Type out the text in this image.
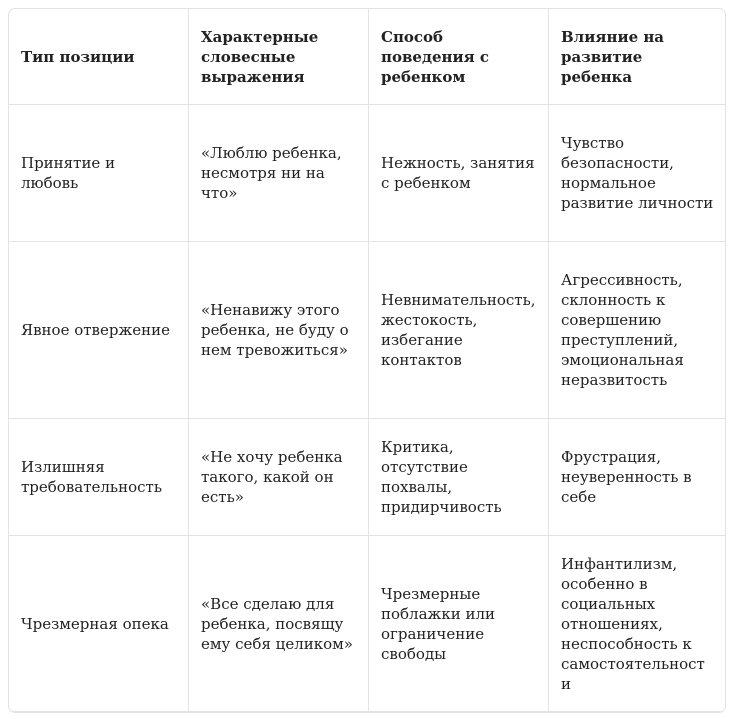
Тип позиции	Характерные словесные выражения	Способ поведения с ребенком	Влияние на развитие ребенка
Принятие и любовь	«Люблю ребенка, несмотря ни на что»	Нежность, занятия с ребенком	Чувство безопасности, нормальное развитие личности
Явное отвержение	«Ненавижу этого ребенка, не буду о нем тревожиться»	Невнимательность, жестокость, избегание контактов	Агрессивность, склонность к совершению преступлений, эмоциональная неразвитость
Излишняя требовательность	«Не хочу ребенка такого, какой он есть»	Критика, отсутствие похвалы, придирчивость	Фрустрация, неуверенность в себе
Чрезмерная опека	«Все сделаю для ребенка, посвящу ему себя целиком»	Чрезмерные поблажки или ограничение свободы	Инфантилизм, особенно в социальных отношениях, неспособность к самостоятельности
